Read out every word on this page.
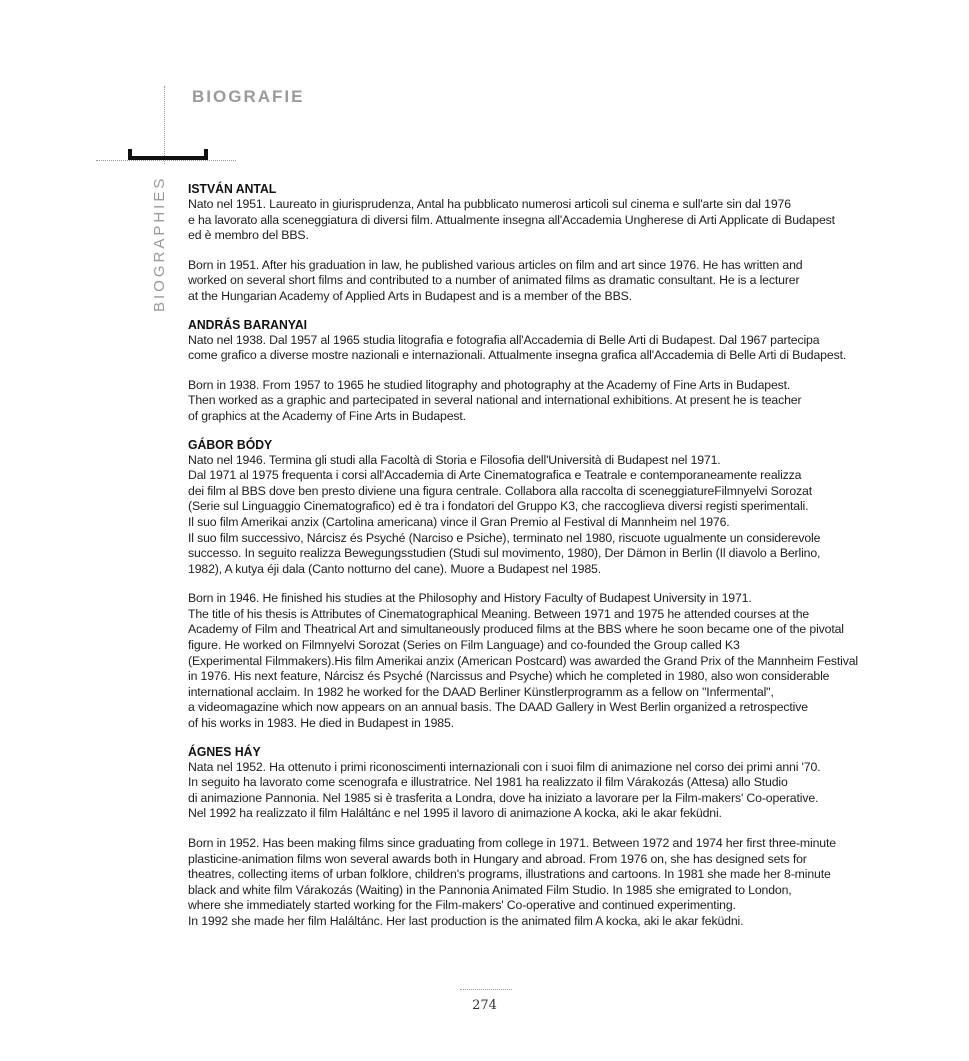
BIOGRAFIE
BIOGRAPHIES ISTVÁN ANTAL
Nato nel 1951. Laureato in giurisprudenza, Antal ha pubblicato numerosi articoli sul cinema e sull'arte sin dal 1976
e ha lavorato alla sceneggiatura di diversi film. Attualmente insegna all'Accademia Ungherese di Arti Applicate di Budapest
ed è membro del BBS.
Born in 1951. After his graduation in law, he published various articles on film and art since 1976. He has written and
worked on several short films and contributed to a number of animated films as dramatic consultant. He is a lecturer
at the Hungarian Academy of Applied Arts in Budapest and is a member of the BBS.
ANDRÁS BARANYAI
Nato nel 1938. Dal 1957 al 1965 studia litografia e fotografia all'Accademia di Belle Arti di Budapest. Dal 1967 partecipa
come grafico a diverse mostre nazionali e internazionali. Attualmente insegna grafica all'Accademia di Belle Arti di Budapest.
Born in 1938. From 1957 to 1965 he studied litography and photography at the Academy of Fine Arts in Budapest.
Then worked as a graphic and partecipated in several national and international exhibitions. At present he is teacher
of graphics at the Academy of Fine Arts in Budapest.
GÁBOR BÓDY
Nato nel 1946. Termina gli studi alla Facoltà di Storia e Filosofia dell'Università di Budapest nel 1971.
Dal 1971 al 1975 frequenta i corsi all'Accademia di Arte Cinematografica e Teatrale e contemporaneamente realizza
dei film al BBS dove ben presto diviene una figura centrale. Collabora alla raccolta di sceneggiatureFilmnyelvi Sorozat
(Serie sul Linguaggio Cinematografico) ed è tra i fondatori del Gruppo K3, che raccoglieva diversi registi sperimentali.
Il suo film Amerikai anzix (Cartolina americana) vince il Gran Premio al Festival di Mannheim nel 1976.
Il suo film successivo, Nárcisz és Psyché (Narciso e Psiche), terminato nel 1980, riscuote ugualmente un considerevole
successo. In seguito realizza Bewegungsstudien (Studi sul movimento, 1980), Der Dämon in Berlin (Il diavolo a Berlino,
1982), A kutya éji dala (Canto notturno del cane). Muore a Budapest nel 1985.
Born in 1946. He finished his studies at the Philosophy and History Faculty of Budapest University in 1971.
The title of his thesis is Attributes of Cinematographical Meaning. Between 1971 and 1975 he attended courses at the
Academy of Film and Theatrical Art and simultaneously produced films at the BBS where he soon became one of the pivotal
figure. He worked on Filmnyelvi Sorozat (Series on Film Language) and co-founded the Group called K3
(Experimental Filmmakers).His film Amerikai anzix (American Postcard) was awarded the Grand Prix of the Mannheim Festival
in 1976. His next feature, Nárcisz és Psyché (Narcissus and Psyche) which he completed in 1980, also won considerable
international acclaim. In 1982 he worked for the DAAD Berliner Künstlerprogramm as a fellow on "Infermental",
a videomagazine which now appears on an annual basis. The DAAD Gallery in West Berlin organized a retrospective
of his works in 1983. He died in Budapest in 1985.
ÁGNES HÁY
Nata nel 1952. Ha ottenuto i primi riconoscimenti internazionali con i suoi film di animazione nel corso dei primi anni '70.
In seguito ha lavorato come scenografa e illustratrice. Nel 1981 ha realizzato il film Várakozás (Attesa) allo Studio
di animazione Pannonia. Nel 1985 si è trasferita a Londra, dove ha iniziato a lavorare per la Film-makers' Co-operative.
Nel 1992 ha realizzato il film Haláltánc e nel 1995 il lavoro di animazione A kocka, aki le akar feküdni.
Born in 1952. Has been making films since graduating from college in 1971. Between 1972 and 1974 her first three-minute
plasticine-animation films won several awards both in Hungary and abroad. From 1976 on, she has designed sets for
theatres, collecting items of urban folklore, children's programs, illustrations and cartoons. In 1981 she made her 8-minute
black and white film Várakozás (Waiting) in the Pannonia Animated Film Studio. In 1985 she emigrated to London,
where she immediately started working for the Film-makers' Co-operative and continued experimenting.
In 1992 she made her film Haláltánc. Her last production is the animated film A kocka, aki le akar feküdni.
274
